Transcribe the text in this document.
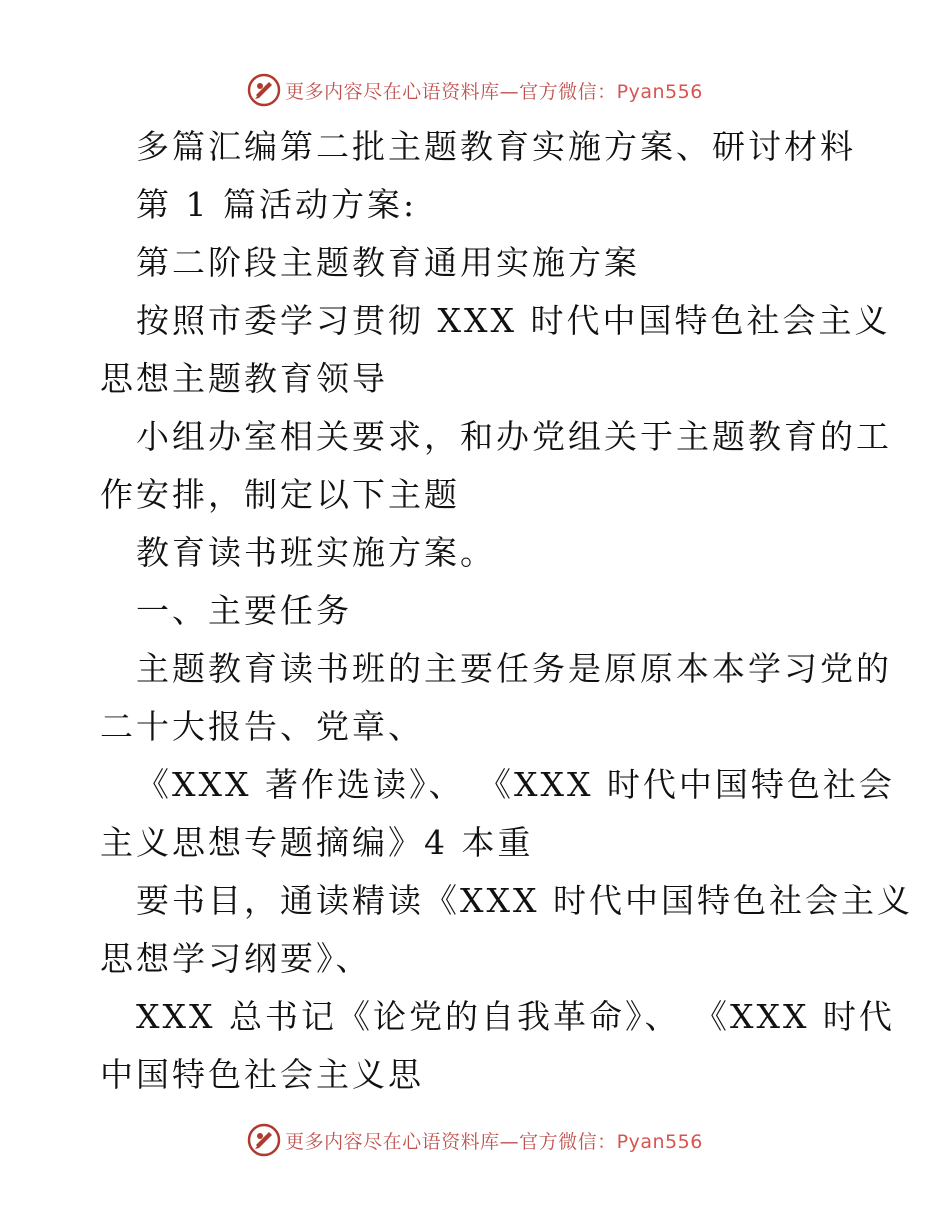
更多内容尽在心语资料库—官方微信：Pyan556

多篇汇编第二批主题教育实施方案、研讨材料

第 1 篇活动方案:

第二阶段主题教育通用实施方案

按照市委学习贯彻 XXX 时代中国特色社会主义

思想主题教育领导

小组办室相关要求，和办党组关于主题教育的工

作安排，制定以下主题

教育读书班实施方案。

一、主要任务

主题教育读书班的主要任务是原原本本学习党的

二十大报告、党章、

《XXX 著作选读》、 《XXX 时代中国特色社会

主义思想专题摘编》4 本重

要书目，通读精读《XXX 时代中国特色社会主义

思想学习纲要》、

XXX 总书记《论党的自我革命》、 《XXX 时代

中国特色社会主义思

更多内容尽在心语资料库—官方微信：Pyan556
